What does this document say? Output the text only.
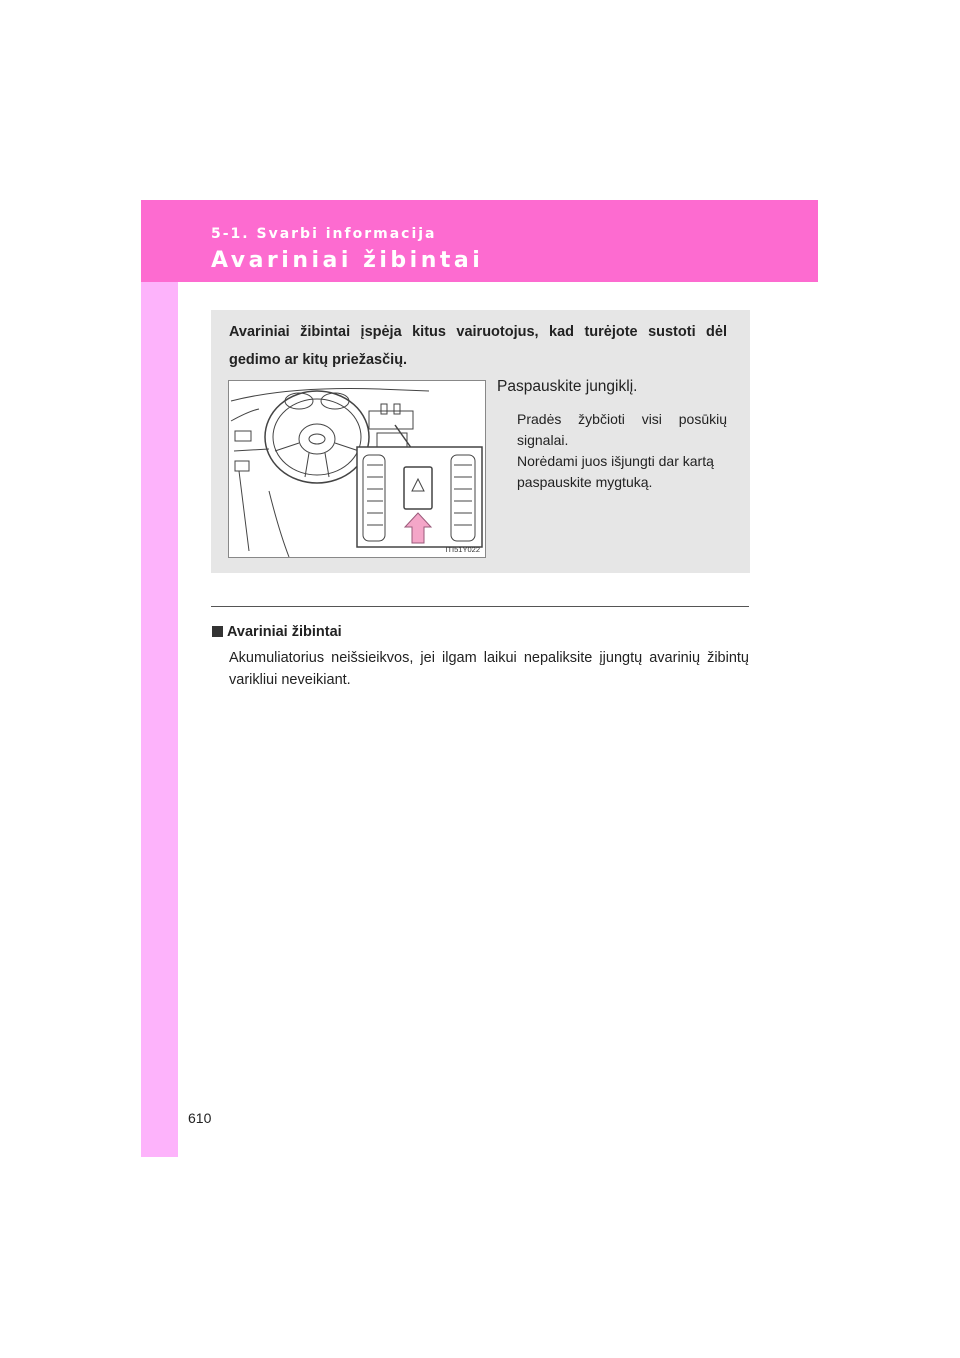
5-1. Svarbi informacija
Avariniai žibintai
Avariniai žibintai įspėja kitus vairuotojus, kad turėjote sustoti dėl gedimo ar kitų priežasčių.
ITI51Y022
Paspauskite jungiklį.

Pradės žybčioti visi posūkių signalai.

Norėdami juos išjungti dar kartą paspauskite mygtuką.

Avariniai žibintai
Akumuliatorius neišsieikvos, jei ilgam laikui nepaliksite įjungtų avarinių žibintų varikliui neveikiant.
610
